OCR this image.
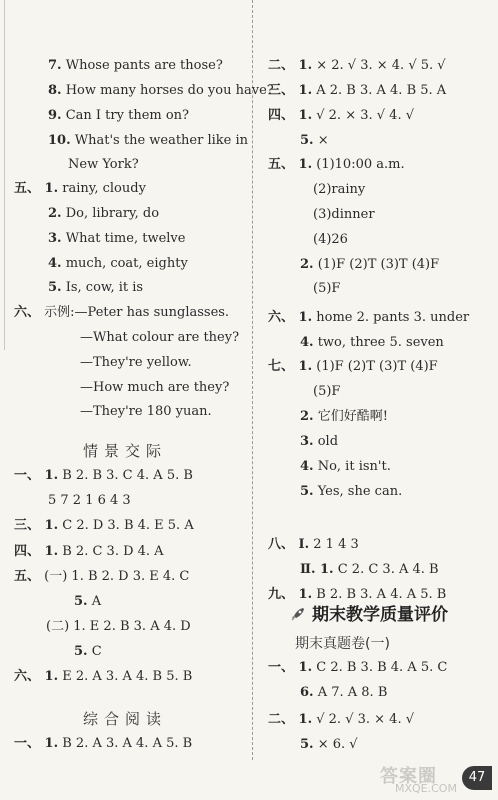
7. Whose pants are those?
8. How many horses do you have?
9. Can I try them on?
10. What's the weather like in
New York?
五、 1. rainy, cloudy
2. Do, library, do
3. What time, twelve
4. much, coat, eighty
5. Is, cow, it is
六、 示例:—Peter has sunglasses.
—What colour are they?
—They're yellow.
—How much are they?
—They're 180 yuan.
一、 1. B 2. B 3. C 4. A 5. B
5 7 2 1 6 4 3
三、 1. C 2. D 3. B 4. E 5. A
四、 1. B 2. C 3. D 4. A
五、 (一) 1. B 2. D 3. E 4. C
5. A
(二) 1. E 2. B 3. A 4. D
5. C
六、 1. E 2. A 3. A 4. B 5. B
一、 1. B 2. A 3. A 4. A 5. B
情景交际
综合阅读
二、 1. × 2. √ 3. × 4. √ 5. √
三、 1. A 2. B 3. A 4. B 5. A
四、 1. √ 2. × 3. √ 4. √
5. ×
五、 1. (1)10:00 a.m.
(2)rainy
(3)dinner
(4)26
2. (1)F (2)T (3)T (4)F
(5)F
六、 1. home 2. pants 3. under
4. two, three 5. seven
七、 1. (1)F (2)T (3)T (4)F
(5)F
2. 它们好酷啊!
3. old
4. No, it isn't.
5. Yes, she can.
八、 Ⅰ. 2 1 4 3
Ⅱ. 1. C 2. C 3. A 4. B
九、 1. B 2. B 3. A 4. A 5. B
一、 1. C 2. B 3. B 4. A 5. C
6. A 7. A 8. B
二、 1. √ 2. √ 3. × 4. √
5. × 6. √
期末教学质量评价
期末真题卷(一)
答案圈
MXQE.COM
47
